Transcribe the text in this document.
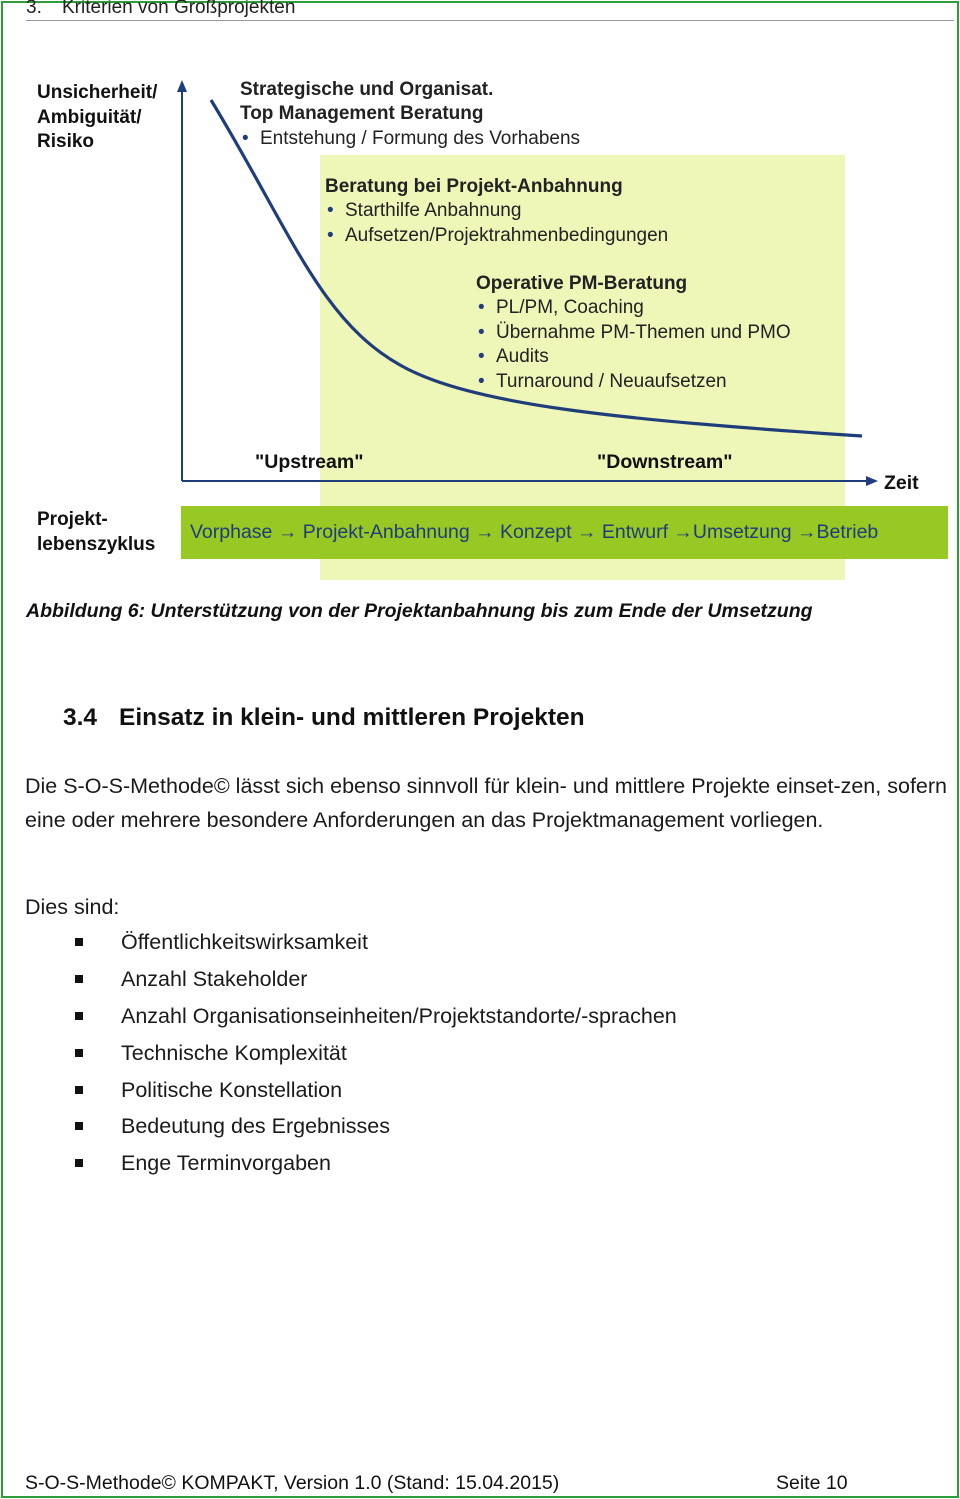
3. Kriterien von Großprojekten
Unsicherheit/
Ambiguität/
Risiko
Zeit
Strategische und Organisat.
Top Management Beratung
• Entstehung / Formung des Vorhabens
Beratung bei Projekt-Anbahnung
• Starthilfe Anbahnung
• Aufsetzen/Projektrahmenbedingungen
Operative PM-Beratung
• PL/PM, Coaching
• Übernahme PM-Themen und PMO
• Audits
• Turnaround / Neuaufsetzen
"Upstream"	"Downstream"
Projekt-
lebenszyklus
Vorphase → Projekt-Anbahnung → Konzept → Entwurf →Umsetzung →Betrieb
Abbildung 6: Unterstützung von der Projektanbahnung bis zum Ende der Umsetzung
3.4 Einsatz in klein- und mittleren Projekten
Die S-O-S-Methode© lässt sich ebenso sinnvoll für klein- und mittlere Projekte einset-zen, sofern eine oder mehrere besondere Anforderungen an das Projektmanagement vorliegen.
Dies sind:
Öffentlichkeitswirksamkeit
Anzahl Stakeholder
Anzahl Organisationseinheiten/Projektstandorte/-sprachen
Technische Komplexität
Politische Konstellation
Bedeutung des Ergebnisses
Enge Terminvorgaben
S-O-S-Methode© KOMPAKT, Version 1.0 (Stand: 15.04.2015)	Seite 10
